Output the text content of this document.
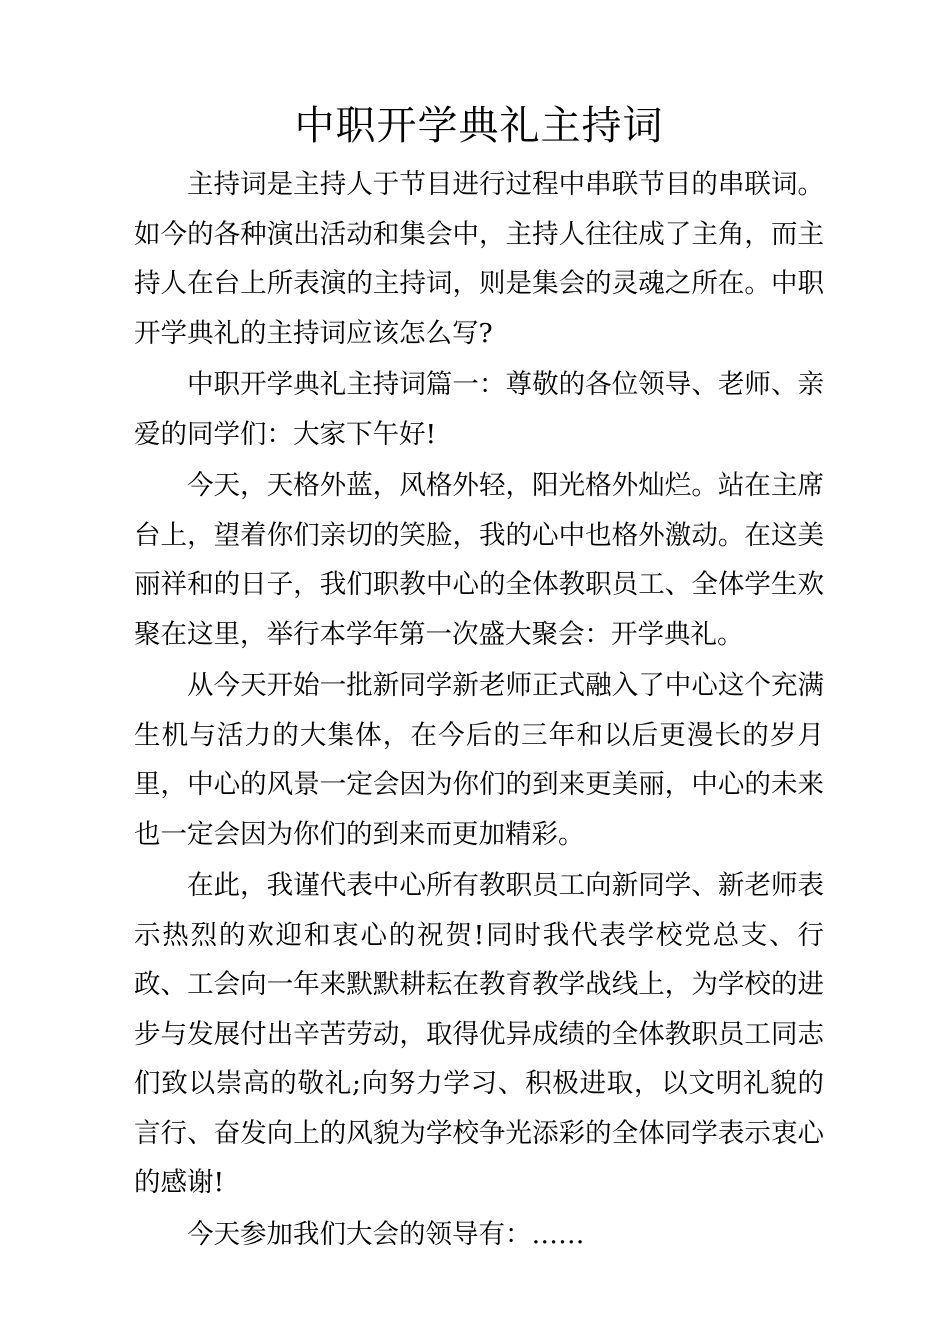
中职开学典礼主持词

主持词是主持人于节目进行过程中串联节目的串联词。如今的各种演出活动和集会中，主持人往往成了主角，而主持人在台上所表演的主持词，则是集会的灵魂之所在。中职开学典礼的主持词应该怎么写?

中职开学典礼主持词篇一：尊敬的各位领导、老师、亲爱的同学们：大家下午好!

今天，天格外蓝，风格外轻，阳光格外灿烂。站在主席台上，望着你们亲切的笑脸，我的心中也格外激动。在这美丽祥和的日子，我们职教中心的全体教职员工、全体学生欢聚在这里，举行本学年第一次盛大聚会：开学典礼。

从今天开始一批新同学新老师正式融入了中心这个充满生机与活力的大集体，在今后的三年和以后更漫长的岁月里，中心的风景一定会因为你们的到来更美丽，中心的未来也一定会因为你们的到来而更加精彩。

在此，我谨代表中心所有教职员工向新同学、新老师表示热烈的欢迎和衷心的祝贺!同时我代表学校党总支、行政、工会向一年来默默耕耘在教育教学战线上，为学校的进步与发展付出辛苦劳动，取得优异成绩的全体教职员工同志们致以崇高的敬礼;向努力学习、积极进取，以文明礼貌的言行、奋发向上的风貌为学校争光添彩的全体同学表示衷心的感谢!

今天参加我们大会的领导有：……
